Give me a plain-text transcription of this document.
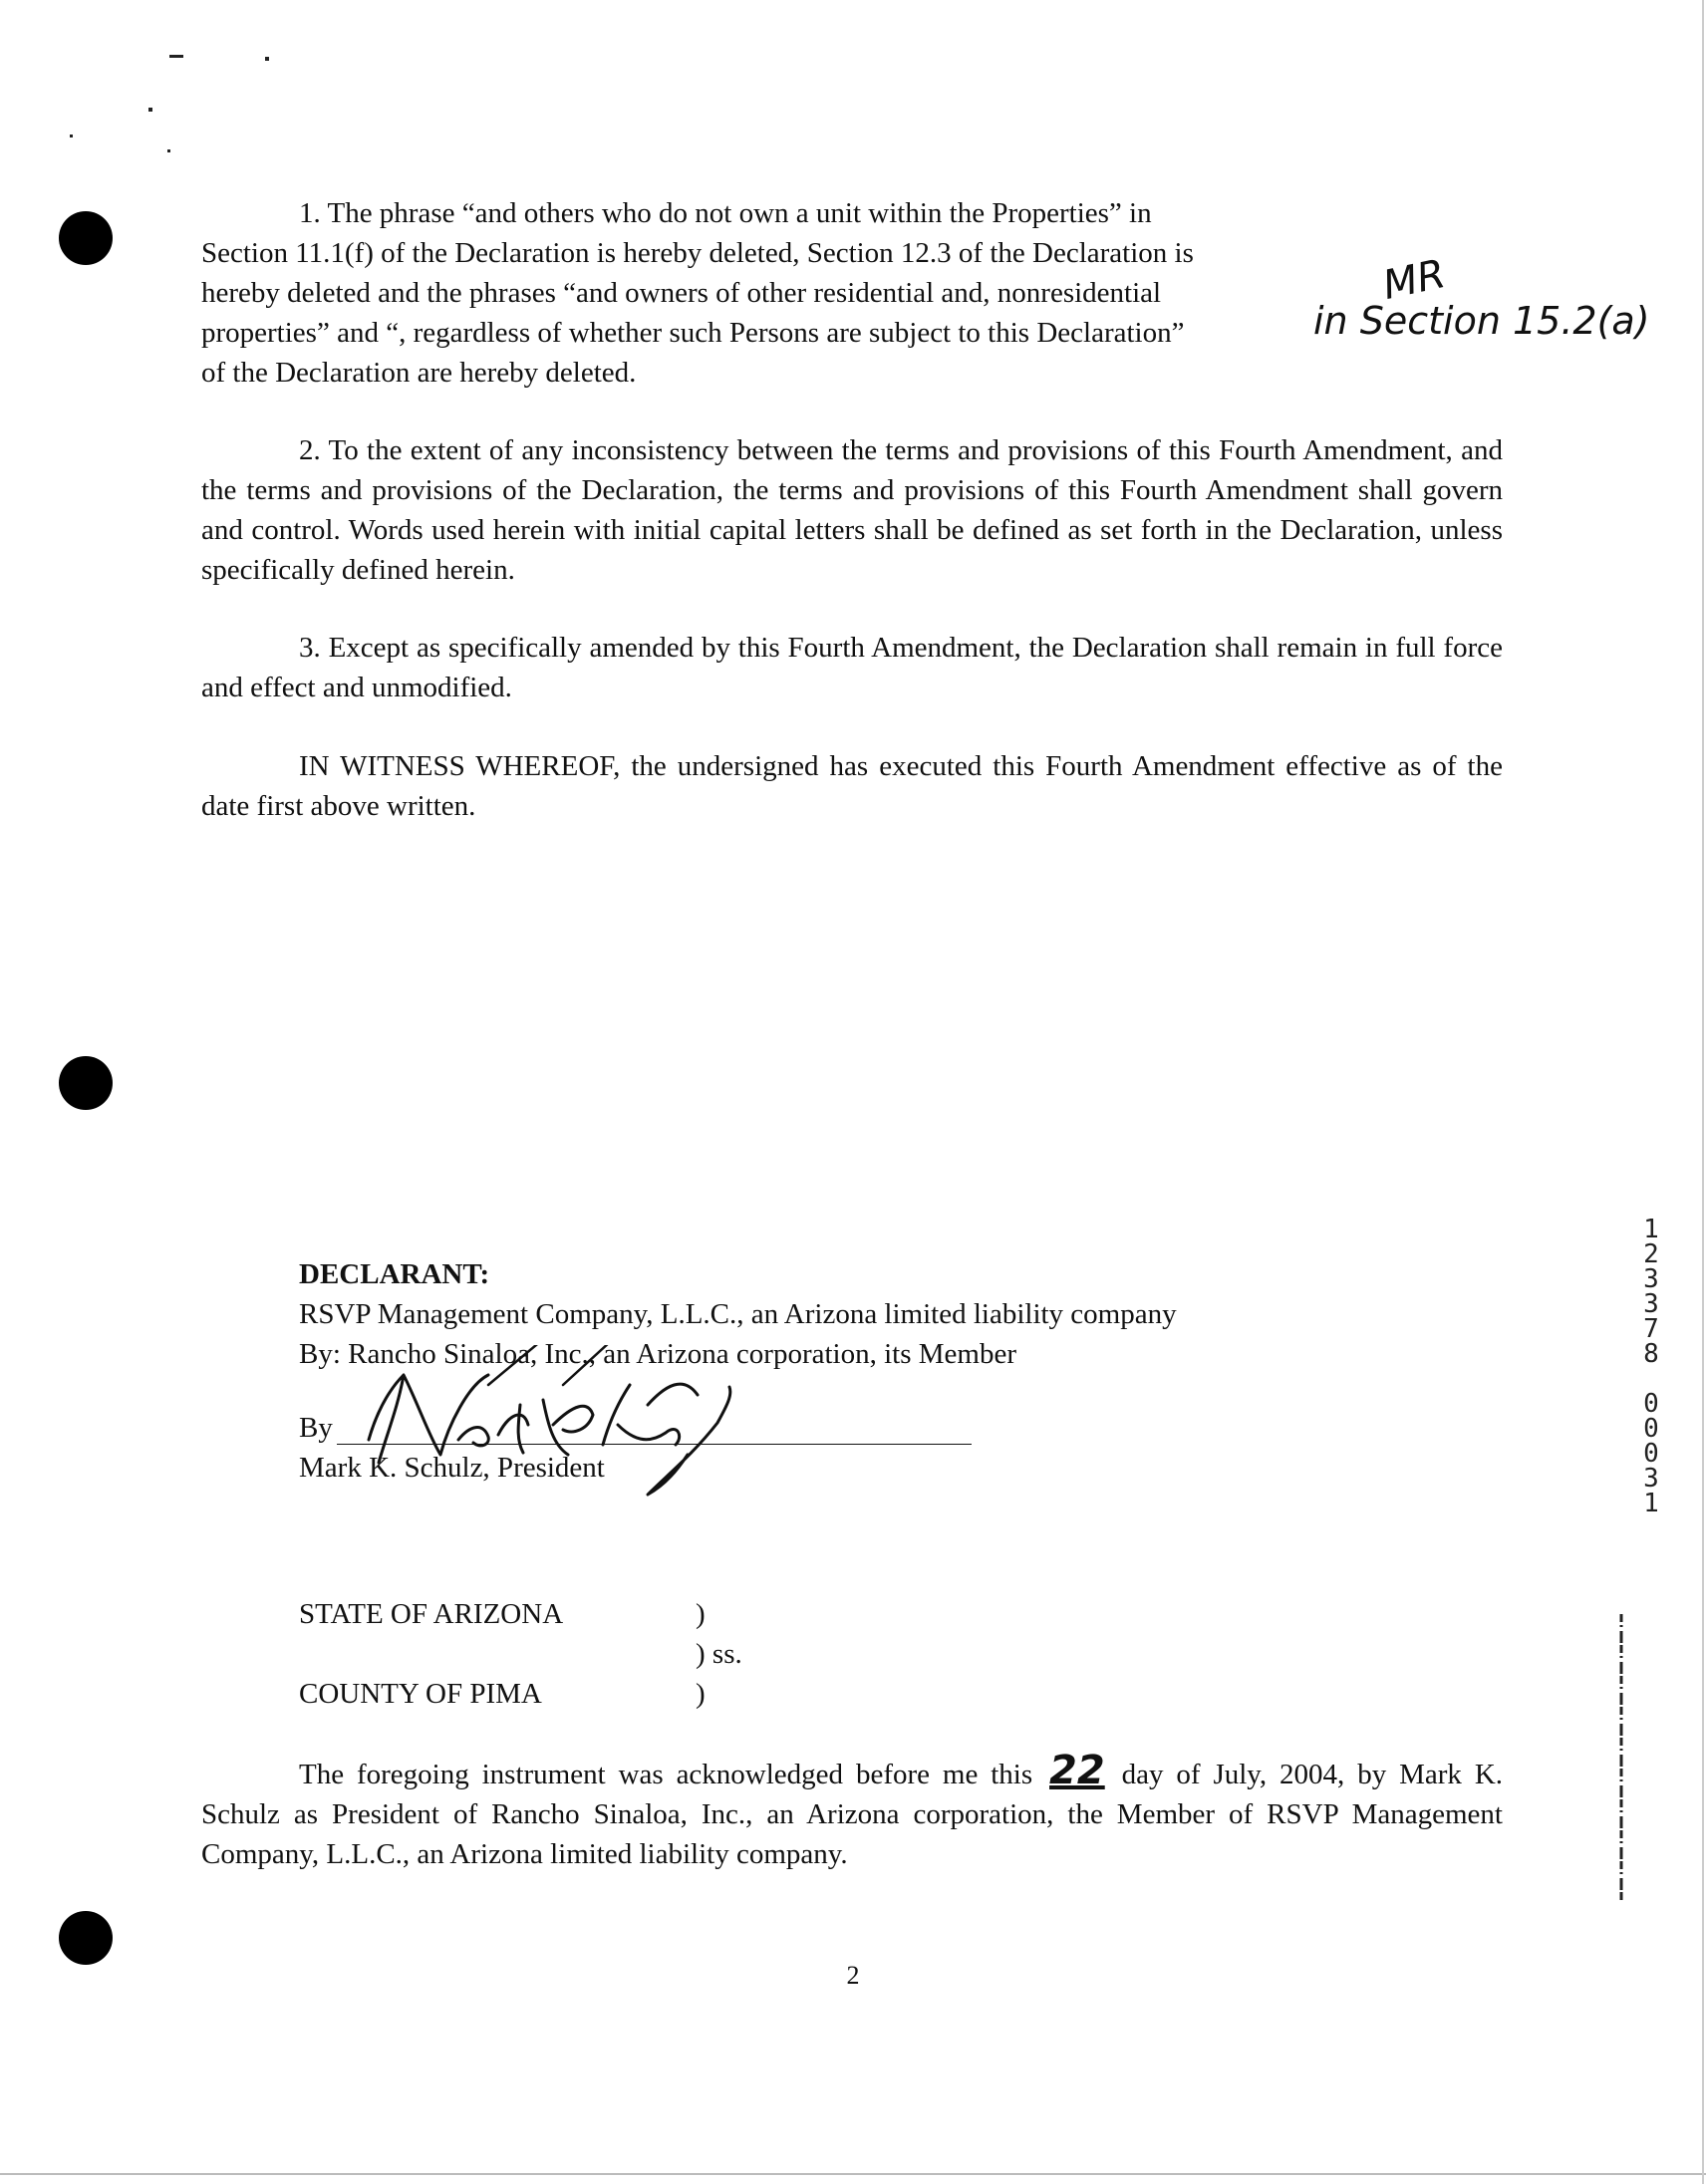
1. The phrase “and others who do not own a unit within the Properties” in
Section 11.1(f) of the Declaration is hereby deleted, Section 12.3 of the Declaration is
hereby deleted and the phrases “and owners of other residential and, nonresidential
properties” and “, regardless of whether such Persons are subject to this Declaration”
of the Declaration are hereby deleted.
MR
in Section 15.2(a)

2. To the extent of any inconsistency between the terms and provisions of this Fourth Amendment, and the terms and provisions of the Declaration, the terms and provisions of this Fourth Amendment shall govern and control. Words used herein with initial capital letters shall be defined as set forth in the Declaration, unless specifically defined herein.

3. Except as specifically amended by this Fourth Amendment, the Declaration shall remain in full force and effect and unmodified.

IN WITNESS WHEREOF, the undersigned has executed this Fourth Amendment effective as of the date first above written.

DECLARANT:
RSVP Management Company, L.L.C., an Arizona limited liability company
By: Rancho Sinaloa, Inc., an Arizona corporation, its Member
By
Mark K. Schulz, President
STATE OF ARIZONA	)
) ss.
COUNTY OF PIMA	)

The foregoing instrument was acknowledged before me this 22 day of July, 2004, by Mark K. Schulz as President of Rancho Sinaloa, Inc., an Arizona corporation, the Member of RSVP Management Company, L.L.C., an Arizona limited liability company.

2
1
2
3
3
7
8

0
0
0
3
1
